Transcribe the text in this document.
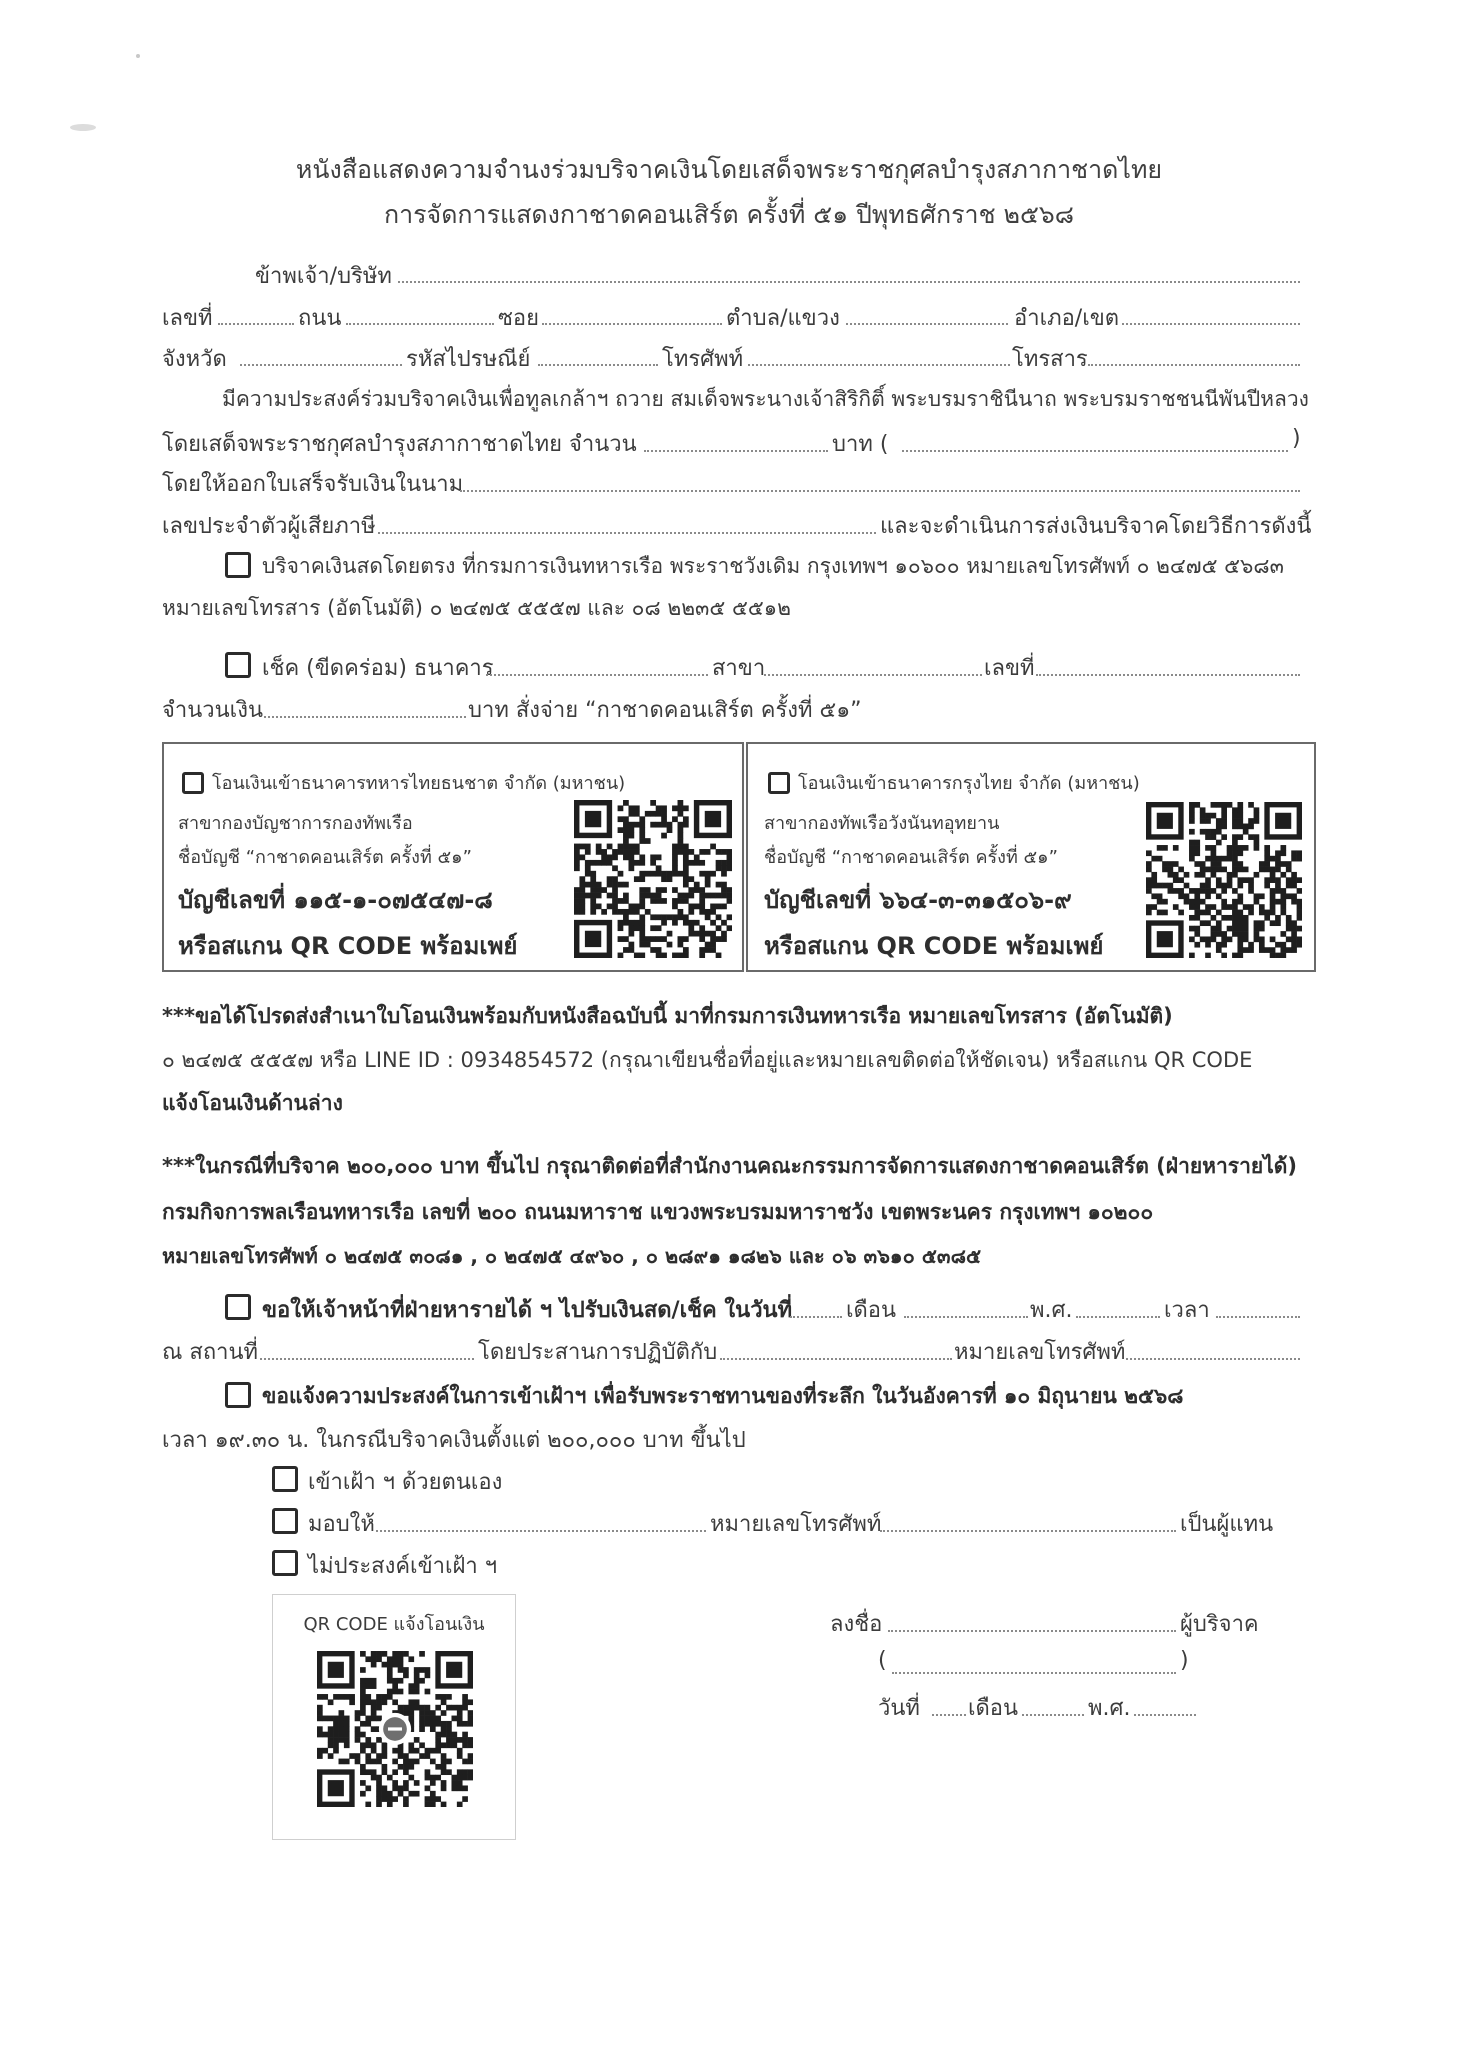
หนังสือแสดงความจำนงร่วมบริจาคเงินโดยเสด็จพระราชกุศลบำรุงสภากาชาดไทย
การจัดการแสดงกาชาดคอนเสิร์ต ครั้งที่ ๕๑ ปีพุทธศักราช ๒๕๖๘
ข้าพเจ้า/บริษัท
เลขที่	ถนน	ซอย	ตำบล/แขวง	อำเภอ/เขต
จังหวัด	รหัสไปรษณีย์	โทรศัพท์	โทรสาร
มีความประสงค์ร่วมบริจาคเงินเพื่อทูลเกล้าฯ ถวาย สมเด็จพระนางเจ้าสิริกิติ์ พระบรมราชินีนาถ พระบรมราชชนนีพันปีหลวง
โดยเสด็จพระราชกุศลบำรุงสภากาชาดไทย จำนวน	บาท (	)
โดยให้ออกใบเสร็จรับเงินในนาม
เลขประจำตัวผู้เสียภาษี	และจะดำเนินการส่งเงินบริจาคโดยวิธีการดังนี้
บริจาคเงินสดโดยตรง ที่กรมการเงินทหารเรือ พระราชวังเดิม กรุงเทพฯ ๑๐๖๐๐ หมายเลขโทรศัพท์ ๐ ๒๔๗๕ ๕๖๘๓
หมายเลขโทรสาร (อัตโนมัติ) ๐ ๒๔๗๕ ๕๕๕๗ และ ๐๘ ๒๒๓๕ ๕๕๑๒
เช็ค (ขีดคร่อม) ธนาคาร	สาขา	เลขที่
จำนวนเงิน	บาท สั่งจ่าย “กาชาดคอนเสิร์ต ครั้งที่ ๕๑”
โอนเงินเข้าธนาคารทหารไทยธนชาต จำกัด (มหาชน)
สาขากองบัญชาการกองทัพเรือ
ชื่อบัญชี “กาชาดคอนเสิร์ต ครั้งที่ ๕๑”
บัญชีเลขที่ ๑๑๕-๑-๐๗๕๔๗-๘
หรือสแกน QR CODE พร้อมเพย์
โอนเงินเข้าธนาคารกรุงไทย จำกัด (มหาชน)
สาขากองทัพเรือวังนันทอุทยาน
ชื่อบัญชี “กาชาดคอนเสิร์ต ครั้งที่ ๕๑”
บัญชีเลขที่ ๖๖๔-๓-๓๑๕๐๖-๙
หรือสแกน QR CODE พร้อมเพย์
***ขอได้โปรดส่งสำเนาใบโอนเงินพร้อมกับหนังสือฉบับนี้ มาที่กรมการเงินทหารเรือ หมายเลขโทรสาร (อัตโนมัติ)
๐ ๒๔๗๕ ๕๕๕๗ หรือ LINE ID : 0934854572 (กรุณาเขียนชื่อที่อยู่และหมายเลขติดต่อให้ชัดเจน) หรือสแกน QR CODE
แจ้งโอนเงินด้านล่าง
***ในกรณีที่บริจาค ๒๐๐,๐๐๐ บาท ขึ้นไป กรุณาติดต่อที่สำนักงานคณะกรรมการจัดการแสดงกาชาดคอนเสิร์ต (ฝ่ายหารายได้)
กรมกิจการพลเรือนทหารเรือ เลขที่ ๒๐๐ ถนนมหาราช แขวงพระบรมมหาราชวัง เขตพระนคร กรุงเทพฯ ๑๐๒๐๐
หมายเลขโทรศัพท์ ๐ ๒๔๗๕ ๓๐๘๑ , ๐ ๒๔๗๕ ๔๙๖๐ , ๐ ๒๘๙๑ ๑๘๒๖ และ ๐๖ ๓๖๑๐ ๕๓๘๕
ขอให้เจ้าหน้าที่ฝ่ายหารายได้ ฯ ไปรับเงินสด/เช็ค ในวันที่ เดือน	พ.ศ.	เวลา
ณ สถานที่	โดยประสานการปฏิบัติกับ	หมายเลขโทรศัพท์
ขอแจ้งความประสงค์ในการเข้าเฝ้าฯ เพื่อรับพระราชทานของที่ระลึก ในวันอังคารที่ ๑๐ มิถุนายน ๒๕๖๘
เวลา ๑๙.๓๐ น. ในกรณีบริจาคเงินตั้งแต่ ๒๐๐,๐๐๐ บาท ขึ้นไป
เข้าเฝ้า ฯ ด้วยตนเอง
มอบให้	หมายเลขโทรศัพท์	เป็นผู้แทน
ไม่ประสงค์เข้าเฝ้า ฯ
QR CODE แจ้งโอนเงิน	ลงชื่อ	ผู้บริจาค
(	)
วันที่ เดือน	พ.ศ.
